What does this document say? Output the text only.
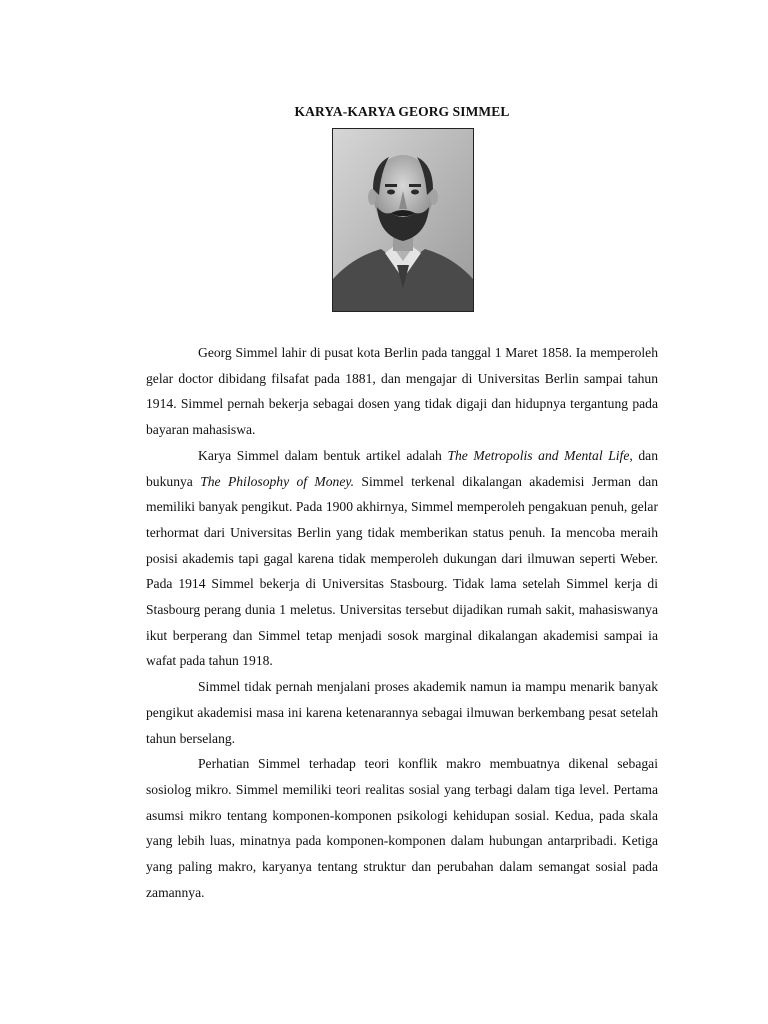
KARYA-KARYA GEORG SIMMEL

Georg Simmel lahir di pusat kota Berlin pada tanggal 1 Maret 1858. Ia memperoleh gelar doctor dibidang filsafat pada 1881, dan mengajar di Universitas Berlin sampai tahun 1914. Simmel pernah bekerja sebagai dosen yang tidak digaji dan hidupnya tergantung pada bayaran mahasiswa.

Karya Simmel dalam bentuk artikel adalah The Metropolis and Mental Life, dan bukunya The Philosophy of Money. Simmel terkenal dikalangan akademisi Jerman dan memiliki banyak pengikut. Pada 1900 akhirnya, Simmel memperoleh pengakuan penuh, gelar terhormat dari Universitas Berlin yang tidak memberikan status penuh. Ia mencoba meraih posisi akademis tapi gagal karena tidak memperoleh dukungan dari ilmuwan seperti Weber. Pada 1914 Simmel bekerja di Universitas Stasbourg. Tidak lama setelah Simmel kerja di Stasbourg perang dunia 1 meletus. Universitas tersebut dijadikan rumah sakit, mahasiswanya ikut berperang dan Simmel tetap menjadi sosok marginal dikalangan akademisi sampai ia wafat pada tahun 1918.

Simmel tidak pernah menjalani proses akademik namun ia mampu menarik banyak pengikut akademisi masa ini karena ketenarannya sebagai ilmuwan berkembang pesat setelah tahun berselang.

Perhatian Simmel terhadap teori konflik makro membuatnya dikenal sebagai sosiolog mikro. Simmel memiliki teori realitas sosial yang terbagi dalam tiga level. Pertama asumsi mikro tentang komponen-komponen psikologi kehidupan sosial. Kedua, pada skala yang lebih luas, minatnya pada komponen-komponen dalam hubungan antarpribadi. Ketiga yang paling makro, karyanya tentang struktur dan perubahan dalam semangat sosial pada zamannya.
